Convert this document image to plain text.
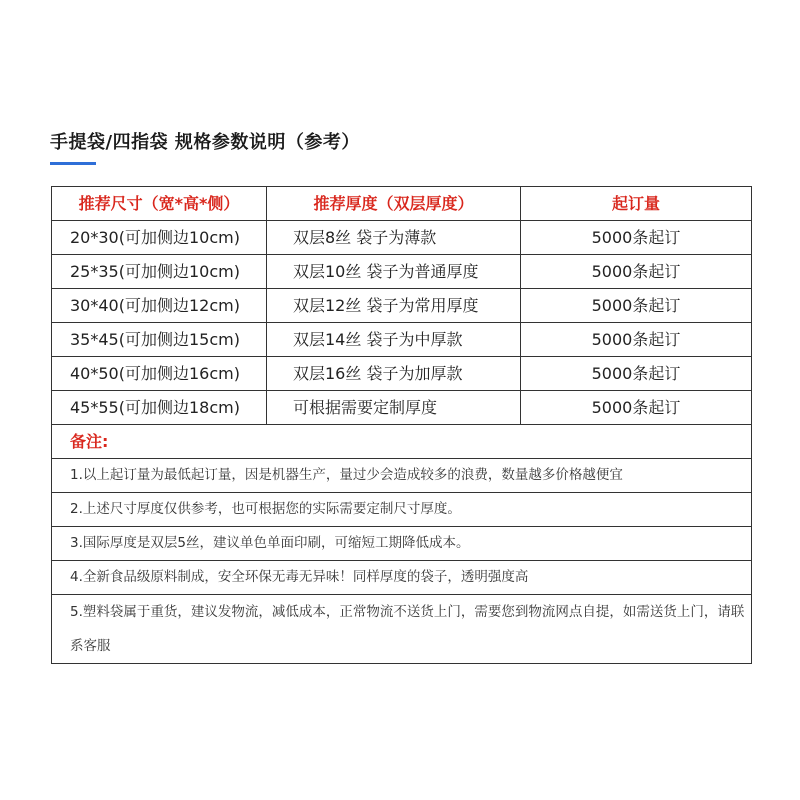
手提袋/四指袋 规格参数说明（参考）
推荐尺寸（宽*高*侧）	推荐厚度（双层厚度）	起订量
20*30(可加侧边10cm)	双层8丝 袋子为薄款	5000条起订
25*35(可加侧边10cm)	双层10丝 袋子为普通厚度	5000条起订
30*40(可加侧边12cm)	双层12丝 袋子为常用厚度	5000条起订
35*45(可加侧边15cm)	双层14丝 袋子为中厚款	5000条起订
40*50(可加侧边16cm)	双层16丝 袋子为加厚款	5000条起订
45*55(可加侧边18cm)	可根据需要定制厚度	5000条起订
备注:		
1.以上起订量为最低起订量，因是机器生产，量过少会造成较多的浪费，数量越多价格越便宜		
2.上述尺寸厚度仅供参考，也可根据您的实际需要定制尺寸厚度。		
3.国际厚度是双层5丝，建议单色单面印刷，可缩短工期降低成本。		
4.全新食品级原料制成，安全环保无毒无异味！同样厚度的袋子，透明强度高		
5.塑料袋属于重货，建议发物流，减低成本，正常物流不送货上门，需要您到物流网点自提，如需送货上门，请联系客服		
